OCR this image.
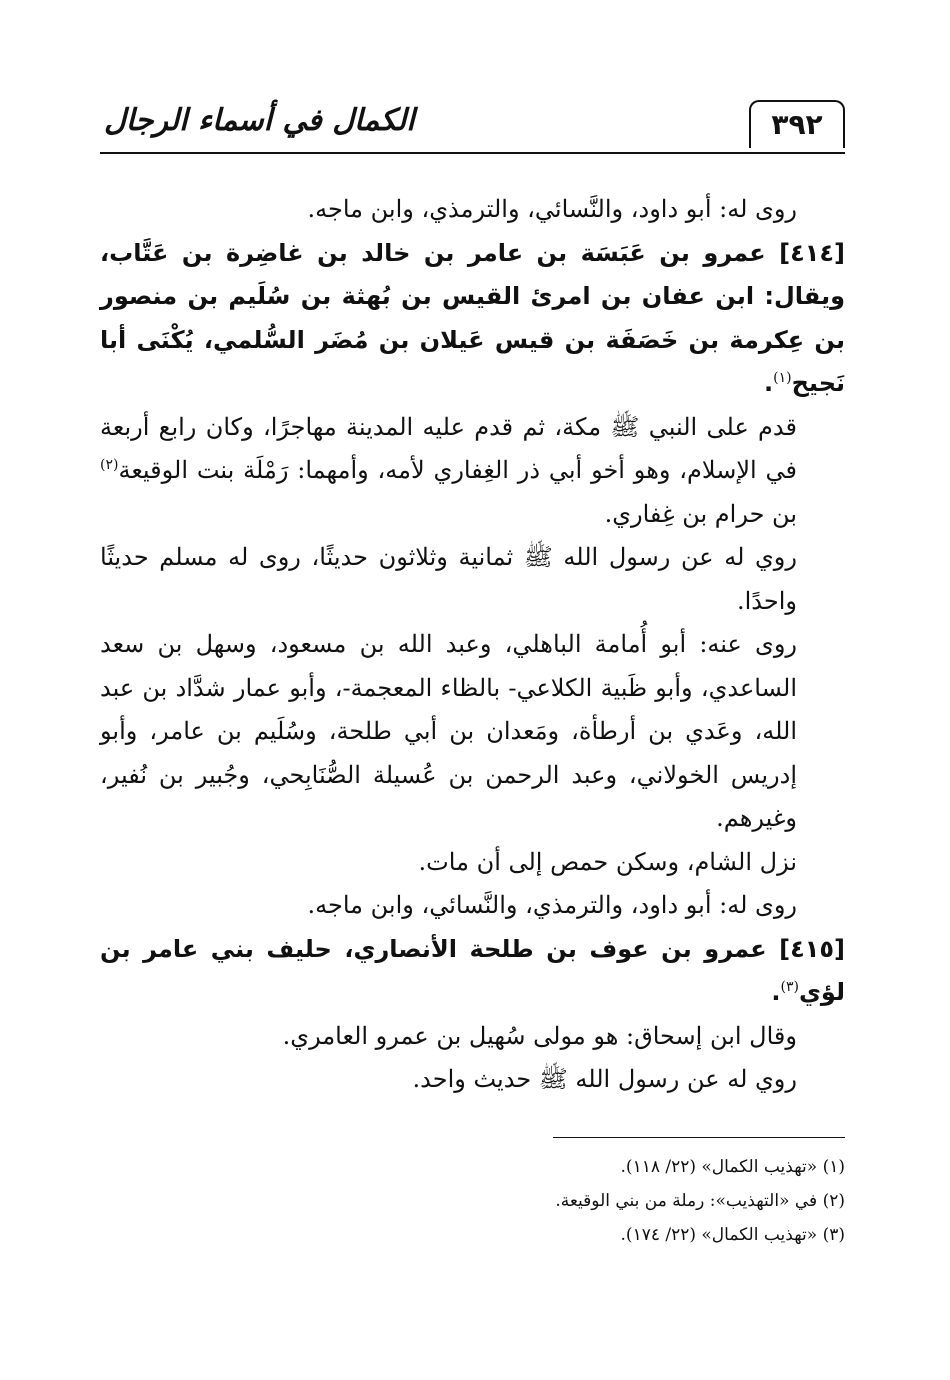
٣٩٢
الكمال في أسماء الرجال

روى له: أبو داود، والنَّسائي، والترمذي، وابن ماجه.

[٤١٤] عمرو بن عَبَسَة بن عامر بن خالد بن غاضِرة بن عَتَّاب، ويقال: ابن عفان بن امرئ القيس بن بُهثة بن سُلَيم بن منصور بن عِكرمة بن خَصَفَة بن قيس عَيلان بن مُضَر السُّلمي، يُكْنَى أبا نَجيح$^{(١)}$.

قدم على النبي ﷺ مكة، ثم قدم عليه المدينة مهاجرًا، وكان رابع أربعة في الإسلام، وهو أخو أبي ذر الغِفاري لأمه، وأمهما: رَمْلَة بنت الوقيعة$^{(٢)}$ بن حرام بن غِفاري.

روي له عن رسول الله ﷺ ثمانية وثلاثون حديثًا، روى له مسلم حديثًا واحدًا.

روى عنه: أبو أُمامة الباهلي، وعبد الله بن مسعود، وسهل بن سعد الساعدي، وأبو ظَبية الكلاعي- بالظاء المعجمة-، وأبو عمار شدَّاد بن عبد الله، وعَدي بن أرطأة، ومَعدان بن أبي طلحة، وسُلَيم بن عامر، وأبو إدريس الخولاني، وعبد الرحمن بن عُسيلة الصُّنَابِحي، وجُبير بن نُفير، وغيرهم.

نزل الشام، وسكن حمص إلى أن مات.

روى له: أبو داود، والترمذي، والنَّسائي، وابن ماجه.

[٤١٥] عمرو بن عوف بن طلحة الأنصاري، حليف بني عامر بن لؤي$^{(٣)}$.

وقال ابن إسحاق: هو مولى سُهيل بن عمرو العامري.

روي له عن رسول الله ﷺ حديث واحد.

(١) «تهذيب الكمال» (٢٢/ ١١٨).

(٢) في «التهذيب»: رملة من بني الوقيعة.

(٣) «تهذيب الكمال» (٢٢/ ١٧٤).
